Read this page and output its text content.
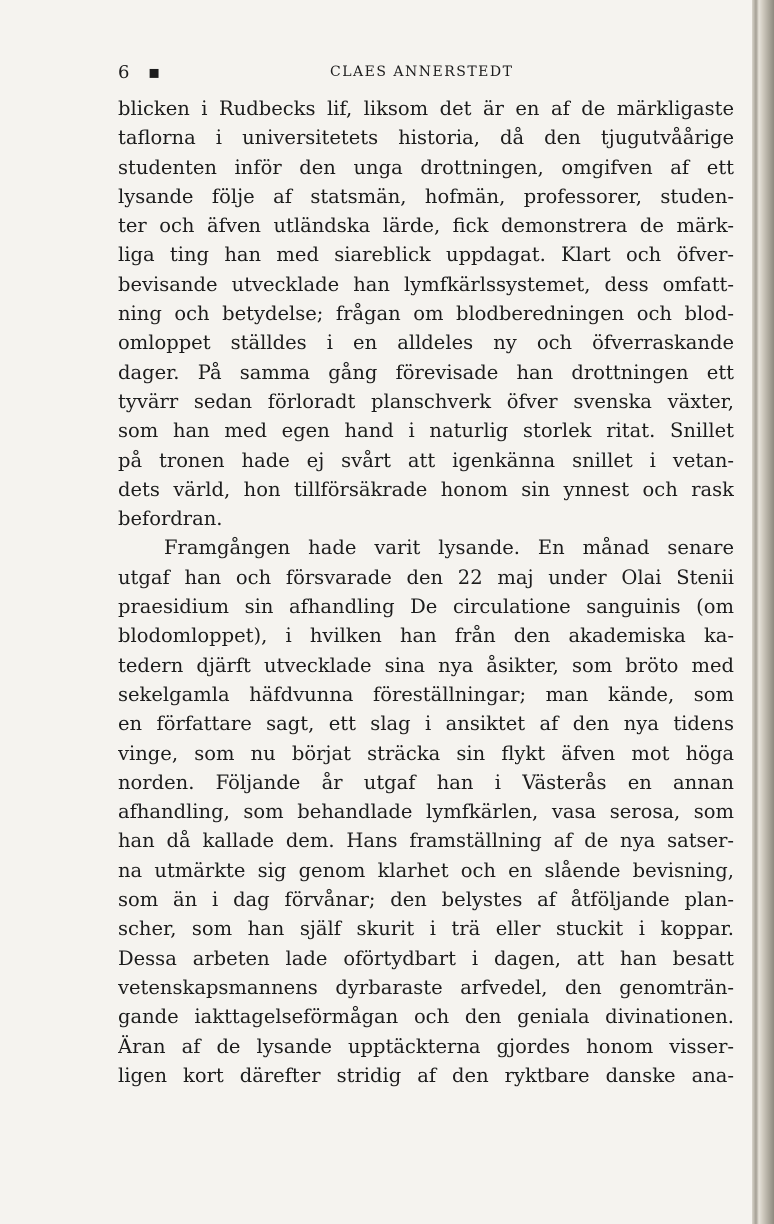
6 ▪	CLAES ANNERSTEDT
blicken i Rudbecks lif, liksom det är en af de märkligaste
taflorna i universitetets historia, då den tjugutvåårige
studenten inför den unga drottningen, omgifven af ett
lysande följe af statsmän, hofmän, professorer, studen-
ter och äfven utländska lärde, fick demonstrera de märk-
liga ting han med siareblick uppdagat. Klart och öfver-
bevisande utvecklade han lymfkärlssystemet, dess omfatt-
ning och betydelse; frågan om blodberedningen och blod-
omloppet ställdes i en alldeles ny och öfverraskande
dager. På samma gång förevisade han drottningen ett
tyvärr sedan förloradt planschverk öfver svenska växter,
som han med egen hand i naturlig storlek ritat. Snillet
på tronen hade ej svårt att igenkänna snillet i vetan-
dets värld, hon tillförsäkrade honom sin ynnest och rask
befordran.
Framgången hade varit lysande. En månad senare
utgaf han och försvarade den 22 maj under Olai Stenii
praesidium sin afhandling De circulatione sanguinis (om
blodomloppet), i hvilken han från den akademiska ka-
tedern djärft utvecklade sina nya åsikter, som bröto med
sekelgamla häfdvunna föreställningar; man kände, som
en författare sagt, ett slag i ansiktet af den nya tidens
vinge, som nu börjat sträcka sin flykt äfven mot höga
norden. Följande år utgaf han i Västerås en annan
afhandling, som behandlade lymfkärlen, vasa serosa, som
han då kallade dem. Hans framställning af de nya satser-
na utmärkte sig genom klarhet och en slående bevisning,
som än i dag förvånar; den belystes af åtföljande plan-
scher, som han själf skurit i trä eller stuckit i koppar.
Dessa arbeten lade oförtydbart i dagen, att han besatt
vetenskapsmannens dyrbaraste arfvedel, den genomträn-
gande iakttagelseförmågan och den geniala divinationen.
Äran af de lysande upptäckterna gjordes honom visser-
ligen kort därefter stridig af den ryktbare danske ana-
